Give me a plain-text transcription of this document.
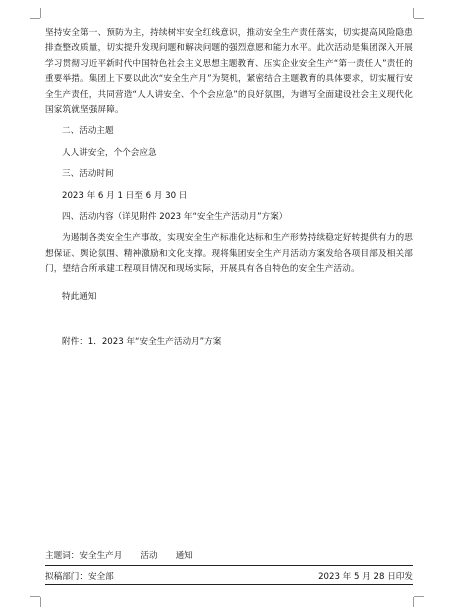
坚持安全第一、预防为主，持续树牢安全红线意识，推动安全生产责任落实，切实提高风险隐患排查整改质量，切实提升发现问题和解决问题的强烈意愿和能力水平。此次活动是集团深入开展学习贯彻习近平新时代中国特色社会主义思想主题教育、压实企业安全生产“第一责任人”责任的重要举措。集团上下要以此次“安全生产月”为契机，紧密结合主题教育的具体要求，切实履行安全生产责任，共同营造“人人讲安全、个个会应急”的良好氛围，为谱写全面建设社会主义现代化国家筑就坚强屏障。

二、活动主题

人人讲安全，个个会应急

三、活动时间

2023 年 6 月 1 日至 6 月 30 日

四、活动内容（详见附件 2023 年“安全生产活动月”方案）

为遏制各类安全生产事故，实现安全生产标准化达标和生产形势持续稳定好转提供有力的思想保证、舆论氛围、精神激励和文化支撑。现将集团安全生产月活动方案发给各项目部及相关部门，望结合所承建工程项目情况和现场实际，开展具有各自特色的安全生产活动。

特此通知

附件：1．2023 年“安全生产活动月”方案

主题词：安全生产月 活动 通知
拟稿部门：安全部	2023 年 5 月 28 日印发
